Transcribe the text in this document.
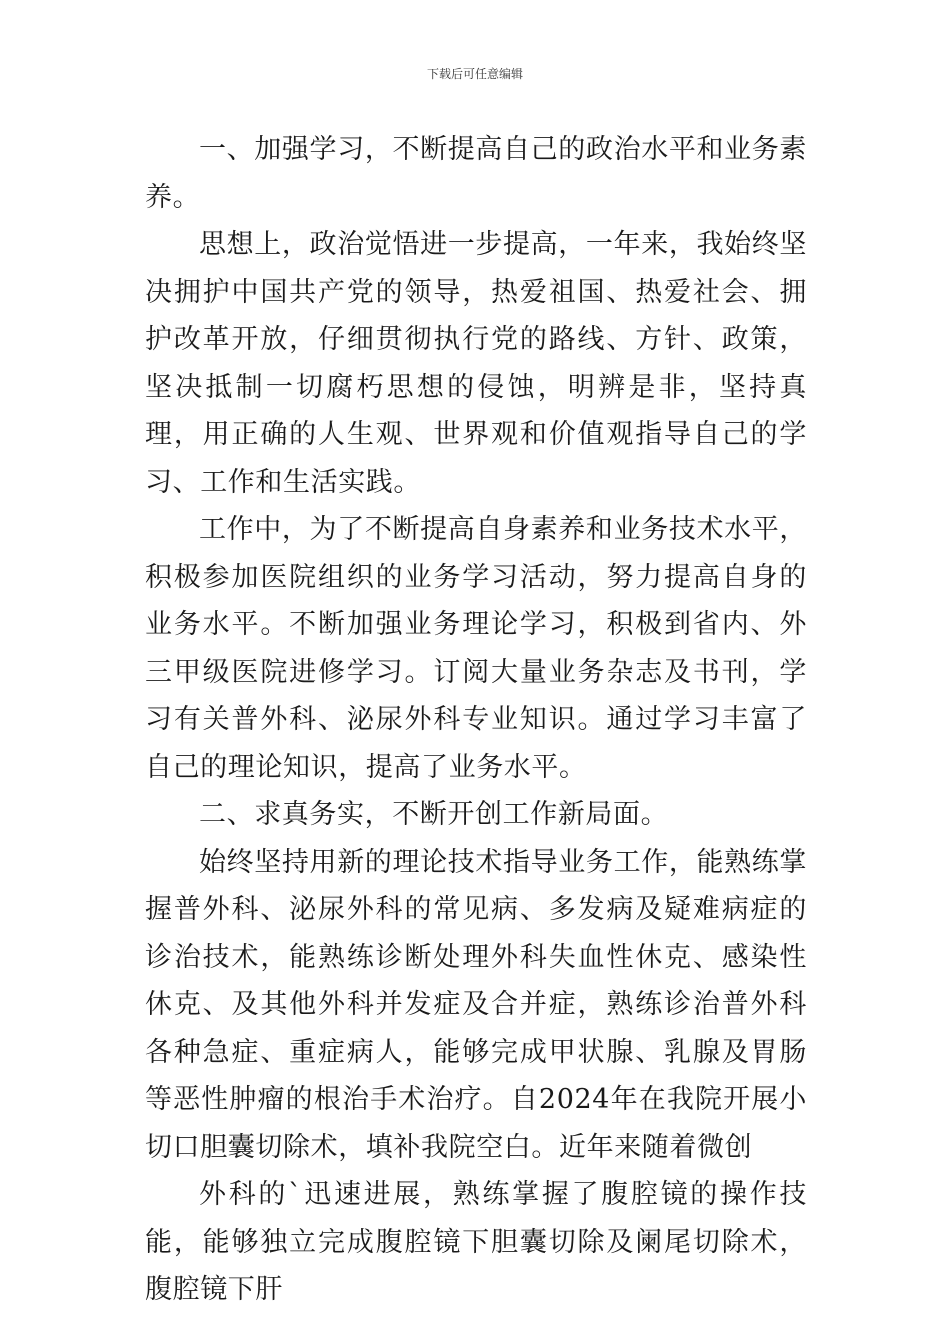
下载后可任意编辑

一、加强学习，不断提高自己的政治水平和业务素养。

思想上，政治觉悟进一步提高，一年来，我始终坚决拥护中国共产党的领导，热爱祖国、热爱社会、拥护改革开放，仔细贯彻执行党的路线、方针、政策，坚决抵制一切腐朽思想的侵蚀，明辨是非，坚持真理，用正确的人生观、世界观和价值观指导自己的学习、工作和生活实践。

工作中，为了不断提高自身素养和业务技术水平，积极参加医院组织的业务学习活动，努力提高自身的业务水平。不断加强业务理论学习，积极到省内、外三甲级医院进修学习。订阅大量业务杂志及书刊，学习有关普外科、泌尿外科专业知识。通过学习丰富了自己的理论知识，提高了业务水平。

二、求真务实，不断开创工作新局面。

始终坚持用新的理论技术指导业务工作，能熟练掌握普外科、泌尿外科的常见病、多发病及疑难病症的诊治技术，能熟练诊断处理外科失血性休克、感染性休克、及其他外科并发症及合并症，熟练诊治普外科各种急症、重症病人，能够完成甲状腺、乳腺及胃肠等恶性肿瘤的根治手术治疗。自2024年在我院开展小切口胆囊切除术，填补我院空白。近年来随着微创

外科的`迅速进展，熟练掌握了腹腔镜的操作技能，能够独立完成腹腔镜下胆囊切除及阑尾切除术，腹腔镜下肝
